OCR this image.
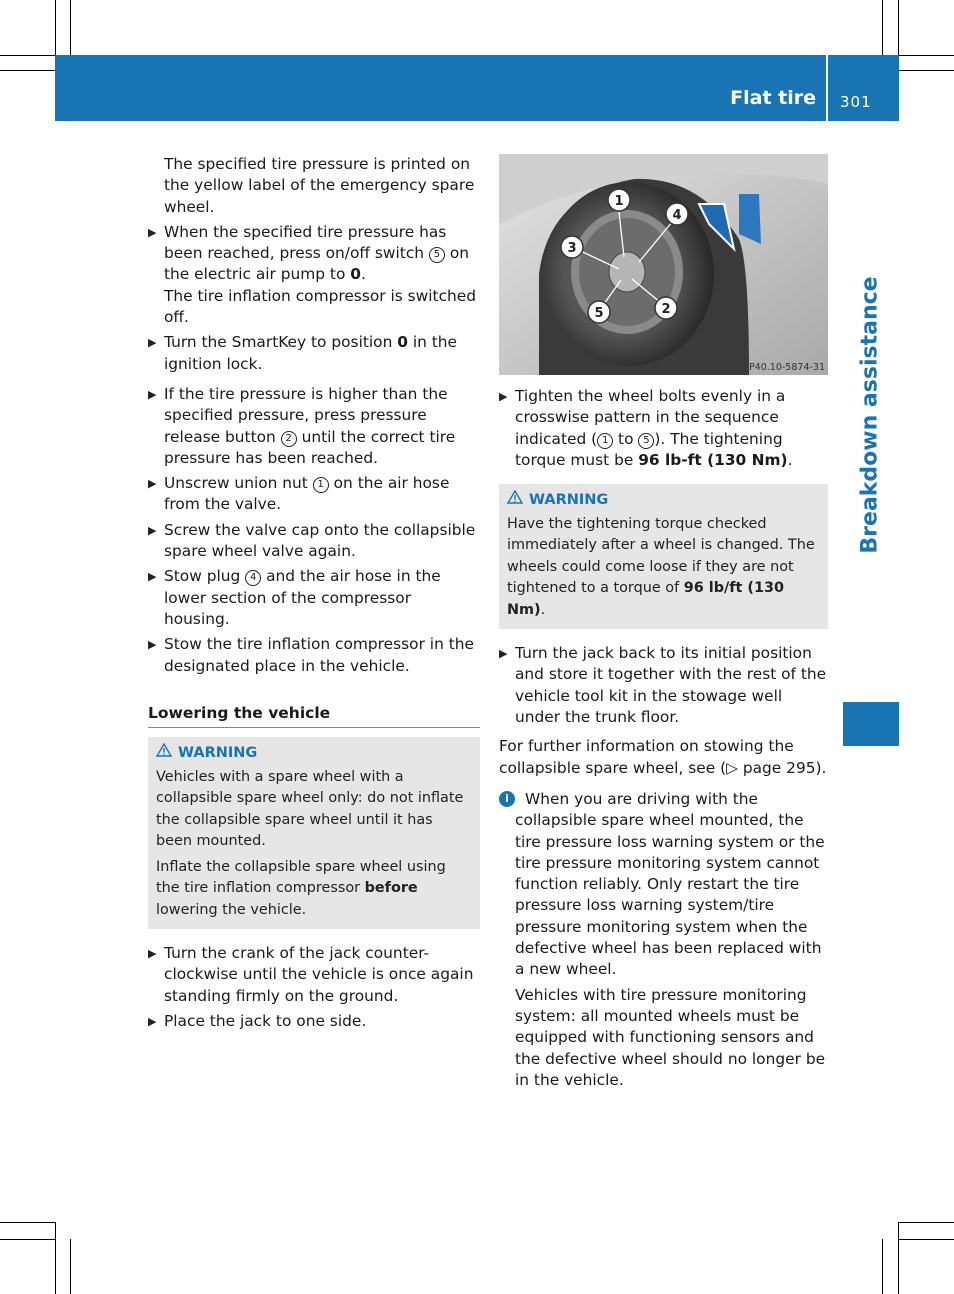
Flat tire 301
Breakdown assistance

The specified tire pressure is printed on the yellow label of the emergency spare wheel.

▶ When the specified tire pressure has been reached, press on/off switch 5 on the electric air pump to 0.
The tire inflation compressor is switched off.

▶ Turn the SmartKey to position 0 in the ignition lock.

▶ If the tire pressure is higher than the specified pressure, press pressure release button 2 until the correct tire pressure has been reached.

▶ Unscrew union nut 1 on the air hose from the valve.

▶ Screw the valve cap onto the collapsible spare wheel valve again.

▶ Stow plug 4 and the air hose in the lower section of the compressor housing.

▶ Stow the tire inflation compressor in the designated place in the vehicle.

Lowering the vehicle

WARNING

Vehicles with a spare wheel with a collapsible spare wheel only: do not inflate the collapsible spare wheel until it has been mounted.

Inflate the collapsible spare wheel using the tire inflation compressor before lowering the vehicle.

▶ Turn the crank of the jack counter-clockwise until the vehicle is once again standing firmly on the ground.

▶ Place the jack to one side.

1
4
3
5	2
P40.10-5874-31

▶ Tighten the wheel bolts evenly in a crosswise pattern in the sequence indicated ( 1 to 5 ). The tightening torque must be 96 lb-ft (130 Nm).

WARNING

Have the tightening torque checked immediately after a wheel is changed. The wheels could come loose if they are not tightened to a torque of 96 lb/ft (130 Nm).

▶ Turn the jack back to its initial position and store it together with the rest of the vehicle tool kit in the stowage well under the trunk floor.

For further information on stowing the collapsible spare wheel, see (▷ page 295).

i	When you are driving with the collapsible spare wheel mounted, the tire pressure loss warning system or the tire pressure monitoring system cannot function reliably. Only restart the tire pressure loss warning system/tire pressure monitoring system when the defective wheel has been replaced with a new wheel.

Vehicles with tire pressure monitoring system: all mounted wheels must be equipped with functioning sensors and the defective wheel should no longer be in the vehicle.
